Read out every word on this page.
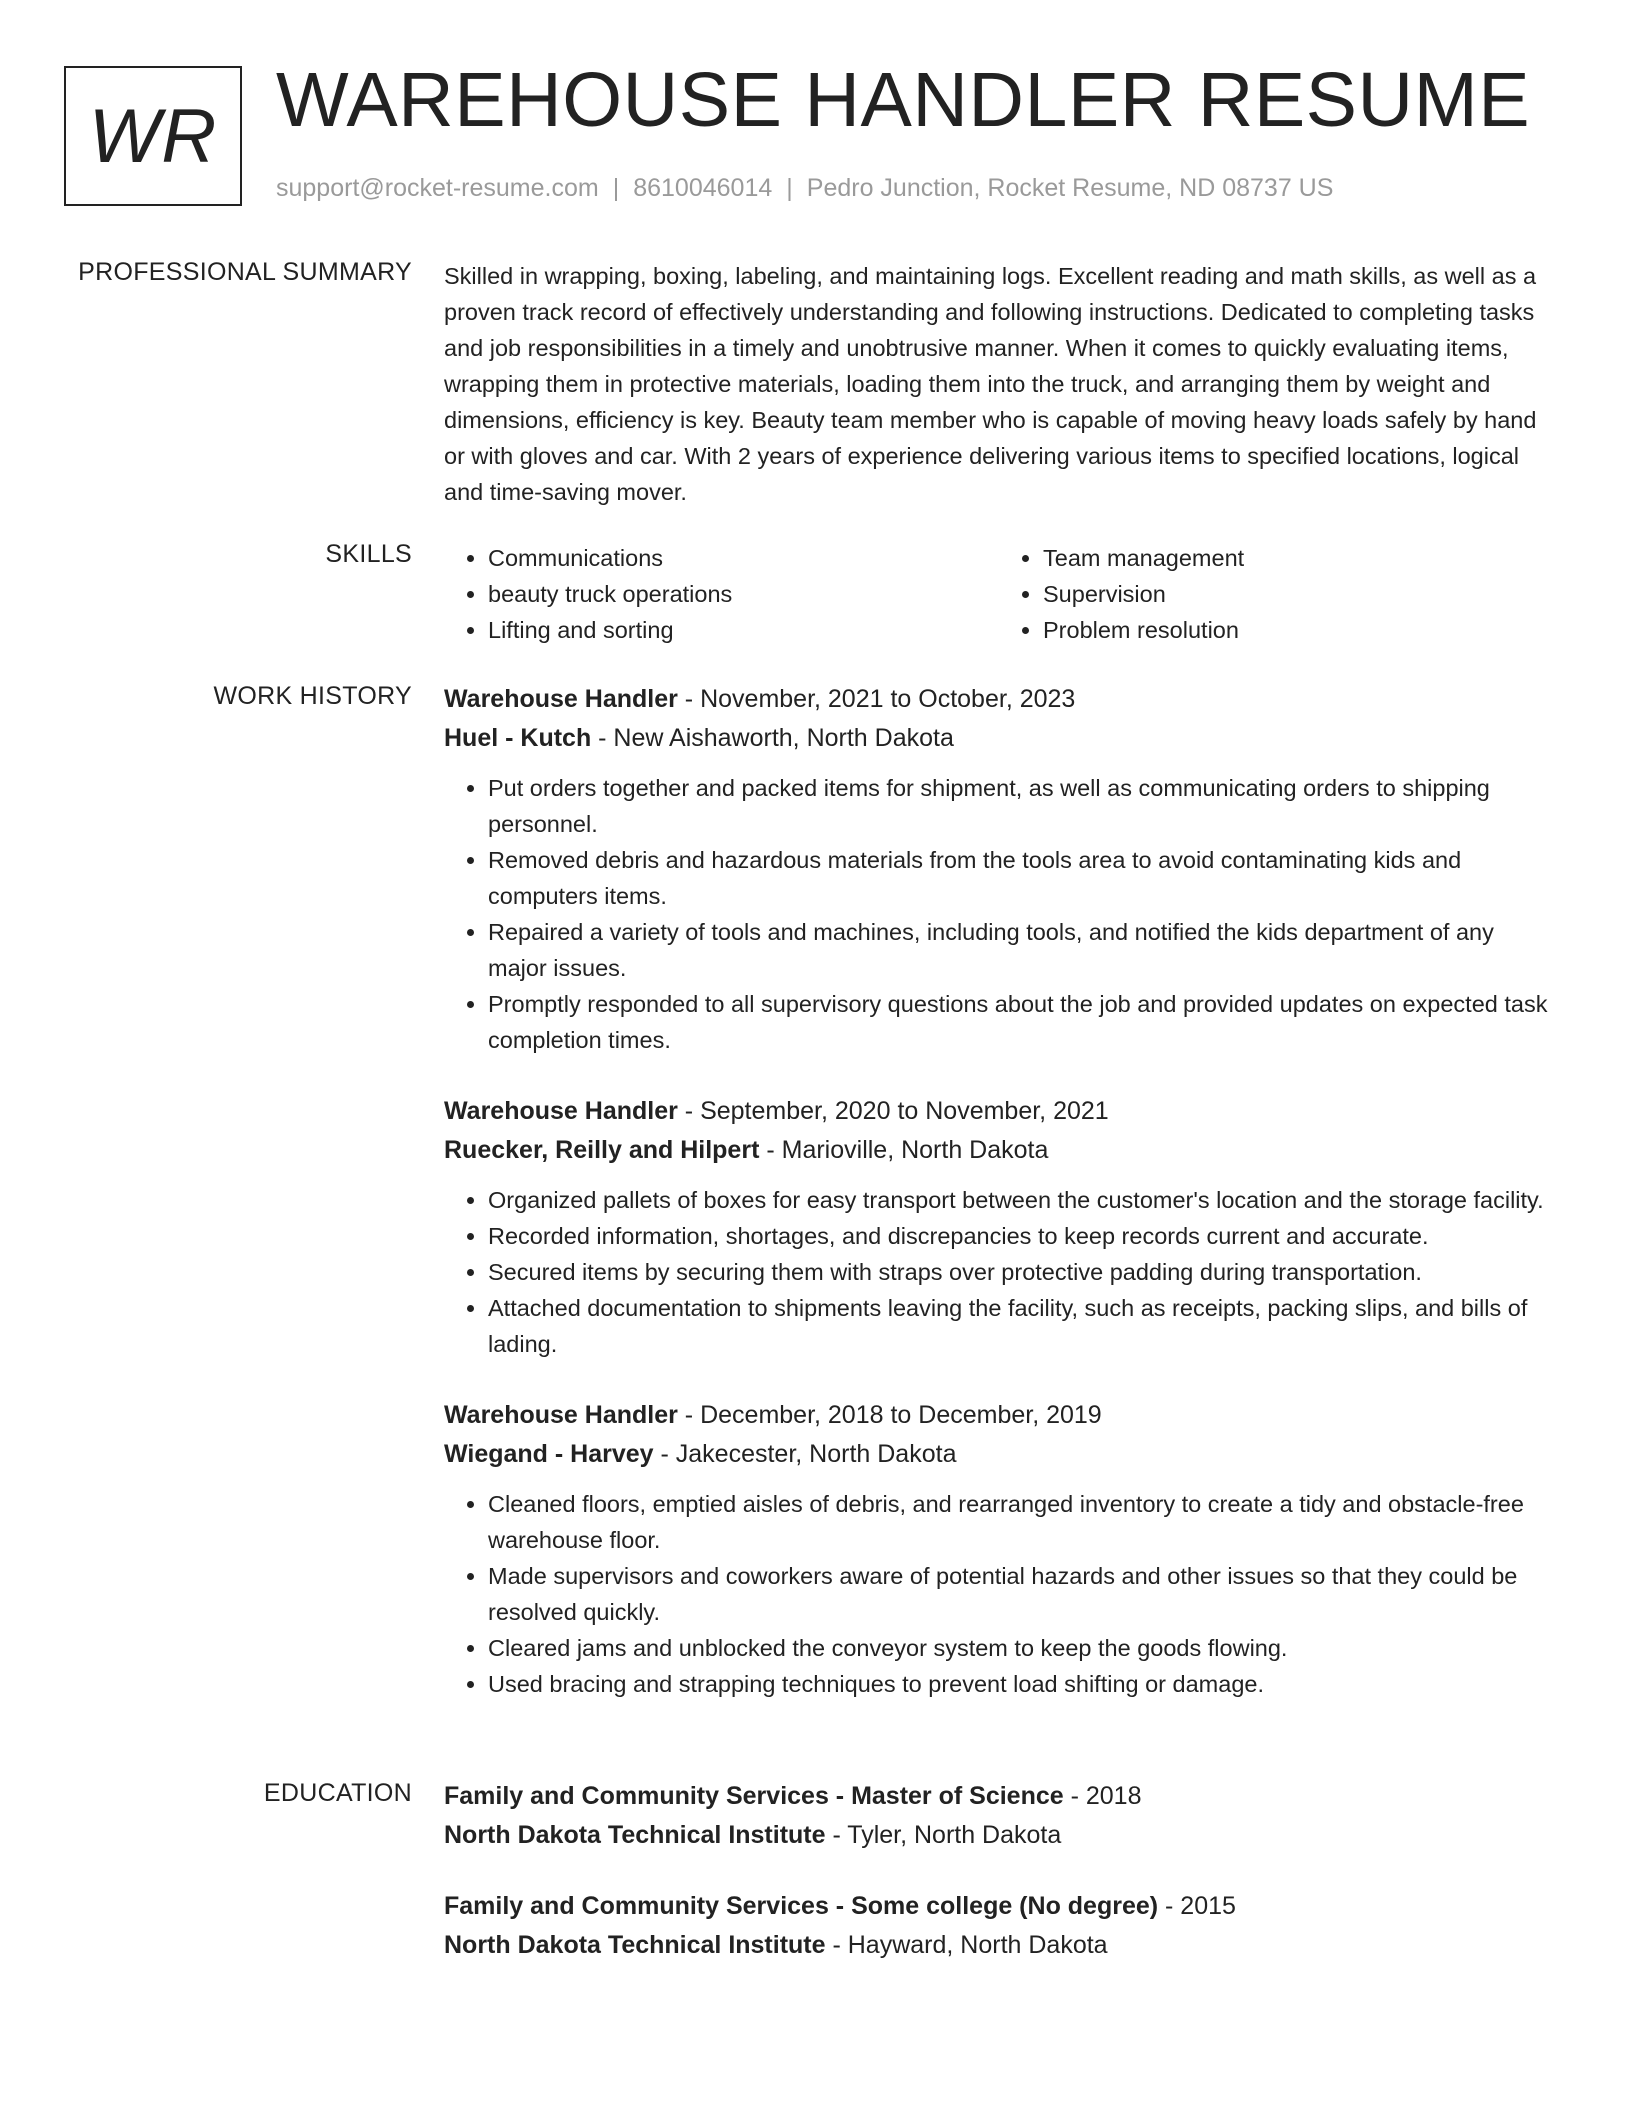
WR WAREHOUSE HANDLER RESUME
support@rocket-resume.com | 8610046014 | Pedro Junction, Rocket Resume, ND 08737 US
PROFESSIONAL SUMMARY Skilled in wrapping, boxing, labeling, and maintaining logs. Excellent reading and math skills, as well as a proven track record of effectively understanding and following instructions. Dedicated to completing tasks and job responsibilities in a timely and unobtrusive manner. When it comes to quickly evaluating items, wrapping them in protective materials, loading them into the truck, and arranging them by weight and dimensions, efficiency is key. Beauty team member who is capable of moving heavy loads safely by hand or with gloves and car. With 2 years of experience delivering various items to specified locations, logical and time-saving mover.

SKILLS
•	Communications
• beauty truck operations
• Lifting and sorting
• Team management
• Supervision
• Problem resolution
WORK HISTORY Warehouse Handler - November, 2021 to October, 2023
Huel - Kutch - New Aishaworth, North Dakota
• Put orders together and packed items for shipment, as well as communicating orders to shipping personnel.
• Removed debris and hazardous materials from the tools area to avoid contaminating kids and computers items.
• Repaired a variety of tools and machines, including tools, and notified the kids department of any major issues.
• Promptly responded to all supervisory questions about the job and provided updates on expected task completion times.
Warehouse Handler - September, 2020 to November, 2021
Ruecker, Reilly and Hilpert - Marioville, North Dakota
• Organized pallets of boxes for easy transport between the customer's location and the storage facility.
• Recorded information, shortages, and discrepancies to keep records current and accurate.
• Secured items by securing them with straps over protective padding during transportation.
• Attached documentation to shipments leaving the facility, such as receipts, packing slips, and bills of lading.
Warehouse Handler - December, 2018 to December, 2019
Wiegand - Harvey - Jakecester, North Dakota
• Cleaned floors, emptied aisles of debris, and rearranged inventory to create a tidy and obstacle-free warehouse floor.
• Made supervisors and coworkers aware of potential hazards and other issues so that they could be resolved quickly.
• Cleared jams and unblocked the conveyor system to keep the goods flowing.
• Used bracing and strapping techniques to prevent load shifting or damage.
EDUCATION Family and Community Services - Master of Science - 2018
North Dakota Technical Institute - Tyler, North Dakota
Family and Community Services - Some college (No degree) - 2015
North Dakota Technical Institute - Hayward, North Dakota
